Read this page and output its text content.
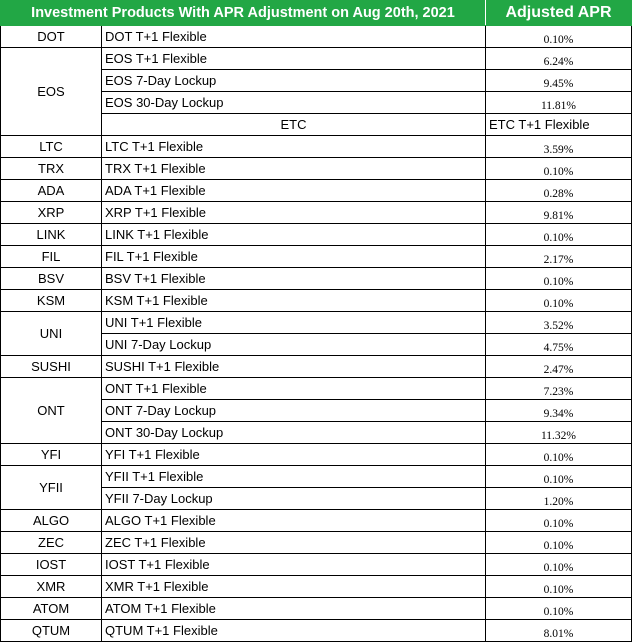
Investment Products With APR Adjustment on Aug 20th, 2021		Adjusted APR	
DOT	DOT T+1 Flexible	0.10%	
EOS	EOS T+1 Flexible	6.24%	
	EOS 7-Day Lockup	9.45%	
	EOS 30-Day Lockup	11.81%	
	ETC	ETC T+1 Flexible	
LTC	LTC T+1 Flexible	3.59%	
TRX	TRX T+1 Flexible	0.10%	
ADA	ADA T+1 Flexible	0.28%	
XRP	XRP T+1 Flexible	9.81%	
LINK	LINK T+1 Flexible	0.10%	
FIL	FIL T+1 Flexible	2.17%	
BSV	BSV T+1 Flexible	0.10%	
KSM	KSM T+1 Flexible	0.10%	
UNI	UNI T+1 Flexible	3.52%	
	UNI 7-Day Lockup	4.75%	
SUSHI	SUSHI T+1 Flexible	2.47%	
ONT	ONT T+1 Flexible	7.23%	
	ONT 7-Day Lockup	9.34%	
	ONT 30-Day Lockup	11.32%	
YFI	YFI T+1 Flexible	0.10%	
YFII	YFII T+1 Flexible	0.10%	
	YFII 7-Day Lockup	1.20%	
ALGO	ALGO T+1 Flexible	0.10%	
ZEC	ZEC T+1 Flexible	0.10%	
IOST	IOST T+1 Flexible	0.10%	
XMR	XMR T+1 Flexible	0.10%	
ATOM	ATOM T+1 Flexible	0.10%	
QTUM	QTUM T+1 Flexible	8.01%	
